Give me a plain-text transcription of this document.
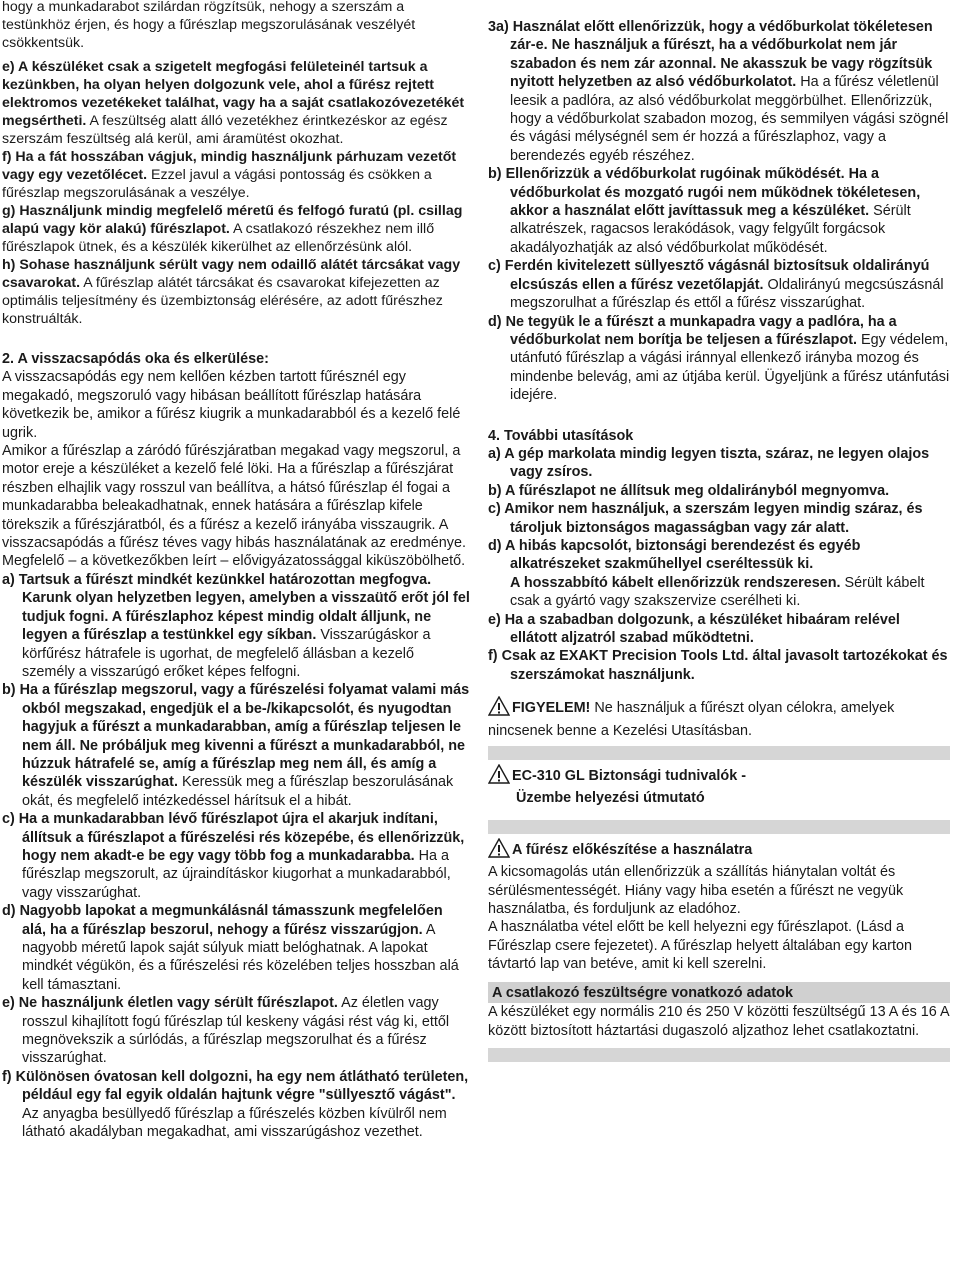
hogy a munkadarabot szilárdan rögzítsük, nehogy a szerszám a testünkhöz érjen, és hogy a fűrészlap megszorulásának veszélyét csökkentsük.

e) A készüléket csak a szigetelt megfogási felületeinél tartsuk a kezünkben, ha olyan helyen dolgozunk vele, ahol a fűrész rejtett elektromos vezetékeket találhat, vagy ha a saját csatlakozóvezetékét megsértheti. A feszültség alatt álló vezetékhez érintkezéskor az egész szerszám feszültség alá kerül, ami áramütést okozhat.

f) Ha a fát hosszában vágjuk, mindig használjunk párhuzam vezetőt vagy egy vezetőlécet. Ezzel javul a vágási pontosság és csökken a fűrészlap megszorulásának a veszélye.

g) Használjunk mindig megfelelő méretű és felfogó furatú (pl. csillag alapú vagy kör alakú) fűrészlapot. A csatlakozó részekhez nem illő fűrészlapok ütnek, és a készülék kikerülhet az ellenőrzésünk alól.

h) Sohase használjunk sérült vagy nem odaillő alátét tárcsákat vagy csavarokat. A fűrészlap alátét tárcsákat és csavarokat kifejezetten az optimális teljesítmény és üzembiztonság elérésére, az adott fűrészhez konstruálták.

2. A visszacsapódás oka és elkerülése:

A visszacsapódás egy nem kellően kézben tartott fűrésznél egy megakadó, megszoruló vagy hibásan beállított fűrészlap hatására következik be, amikor a fűrész kiugrik a munkadarabból és a kezelő felé ugrik.

Amikor a fűrészlap a záródó fűrészjáratban megakad vagy megszorul, a motor ereje a készüléket a kezelő felé löki. Ha a fűrészlap a fűrészjárat részben elhajlik vagy rosszul van beállítva, a hátsó fűrészlap él fogai a munkadarabba beleakadhatnak, ennek hatására a fűrészlap kifele törekszik a fűrészjáratból, és a fűrész a kezelő irányába visszaugrik. A visszacsapódás a fűrész téves vagy hibás használatának az eredménye. Megfelelő – a következőkben leírt – elővigyázatossággal kiküszöbölhető.

a) Tartsuk a fűrészt mindkét kezünkkel határozottan megfogva. Karunk olyan helyzetben legyen, amelyben a visszaütő erőt jól fel tudjuk fogni. A fűrészlaphoz képest mindig oldalt álljunk, ne legyen a fűrészlap a testünkkel egy síkban. Visszarúgáskor a körfűrész hátrafele is ugorhat, de megfelelő állásban a kezelő személy a visszarúgó erőket képes felfogni.

b) Ha a fűrészlap megszorul, vagy a fűrészelési folyamat valami más okból megszakad, engedjük el a be-/kikapcsolót, és nyugodtan hagyjuk a fűrészt a munkadarabban, amíg a fűrészlap teljesen le nem áll. Ne próbáljuk meg kivenni a fűrészt a munkadarabból, ne húzzuk hátrafelé se, amíg a fűrészlap meg nem áll, és amíg a készülék visszarúghat. Keressük meg a fűrészlap beszorulásának okát, és megfelelő intézkedéssel hárítsuk el a hibát.

c) Ha a munkadarabban lévő fűrészlapot újra el akarjuk indítani, állítsuk a fűrészlapot a fűrészelési rés közepébe, és ellenőrizzük, hogy nem akadt-e be egy vagy több fog a munkadarabba. Ha a fűrészlap megszorult, az újraindításkor kiugorhat a munkadarabból, vagy visszarúghat.

d) Nagyobb lapokat a megmunkálásnál támasszunk megfelelően alá, ha a fűrészlap beszorul, nehogy a fűrész visszarúgjon. A nagyobb méretű lapok saját súlyuk miatt belóghatnak. A lapokat mindkét végükön, és a fűrészelési rés közelében teljes hosszban alá kell támasztani.

e) Ne használjunk életlen vagy sérült fűrészlapot. Az életlen vagy rosszul kihajlított fogú fűrészlap túl keskeny vágási rést vág ki, ettől megnövekszik a súrlódás, a fűrészlap megszorulhat és a fűrész visszarúghat.

f) Különösen óvatosan kell dolgozni, ha egy nem átlátható területen, például egy fal egyik oldalán hajtunk végre "süllyesztő vágást". Az anyagba besüllyedő fűrészlap a fűrészelés közben kívülről nem látható akadályban megakadhat, ami visszarúgáshoz vezethet.

3a) Használat előtt ellenőrizzük, hogy a védőburkolat tökéletesen zár-e. Ne használjuk a fűrészt, ha a védőburkolat nem jár szabadon és nem zár azonnal. Ne akasszuk be vagy rögzítsük nyitott helyzetben az alsó védőburkolatot. Ha a fűrész véletlenül leesik a padlóra, az alsó védőburkolat meggörbülhet. Ellenőrizzük, hogy a védőburkolat szabadon mozog, és semmilyen vágási szögnél és vágási mélységnél sem ér hozzá a fűrészlaphoz, vagy a berendezés egyéb részéhez.

b) Ellenőrizzük a védőburkolat rugóinak működését. Ha a védőburkolat és mozgató rugói nem működnek tökéletesen, akkor a használat előtt javíttassuk meg a készüléket. Sérült alkatrészek, ragacsos lerakódások, vagy felgyűlt forgácsok akadályozhatják az alsó védőburkolat működését.

c) Ferdén kivitelezett süllyesztő vágásnál biztosítsuk oldalirányú elcsúszás ellen a fűrész vezetőlapját. Oldalirányú megcsúszásnál megszorulhat a fűrészlap és ettől a fűrész visszarúghat.

d) Ne tegyük le a fűrészt a munkapadra vagy a padlóra, ha a védőburkolat nem borítja be teljesen a fűrészlapot. Egy védelem, utánfutó fűrészlap a vágási iránnyal ellenkező irányba mozog és mindenbe belevág, ami az útjába kerül. Ügyeljünk a fűrész utánfutási idejére.

4. További utasítások

a) A gép markolata mindig legyen tiszta, száraz, ne legyen olajos vagy zsíros.

b) A fűrészlapot ne állítsuk meg oldalirányból megnyomva.

c) Amikor nem használjuk, a szerszám legyen mindig száraz, és tároljuk biztonságos magasságban vagy zár alatt.

d) A hibás kapcsolót, biztonsági berendezést és egyéb alkatrészeket szakműhellyel cseréltessük ki.

A hosszabbító kábelt ellenőrizzük rendszeresen. Sérült kábelt csak a gyártó vagy szakszervize cserélheti ki.

e) Ha a szabadban dolgozunk, a készüléket hibaáram relével ellátott aljzatról szabad működtetni.

f) Csak az EXAKT Precision Tools Ltd. által javasolt tartozékokat és szerszámokat használjunk.

FIGYELEM! Ne használjuk a fűrészt olyan célokra, amelyek nincsenek benne a Kezelési Utasításban.

EC-310 GL Biztonsági tudnivalók -
Üzembe helyezési útmutató

A fűrész előkészítése a használatra

A kicsomagolás után ellenőrizzük a szállítás hiánytalan voltát és sérülésmentességét. Hiány vagy hiba esetén a fűrészt ne vegyük használatba, és forduljunk az eladóhoz.

A használatba vétel előtt be kell helyezni egy fűrészlapot. (Lásd a Fűrészlap csere fejezetet). A fűrészlap helyett általában egy karton távtartó lap van betéve, amit ki kell szerelni.

A csatlakozó feszültségre vonatkozó adatok

A készüléket egy normális 210 és 250 V közötti feszültségű 13 A és 16 A között biztosított háztartási dugaszoló aljzathoz lehet csatlakoztatni.
